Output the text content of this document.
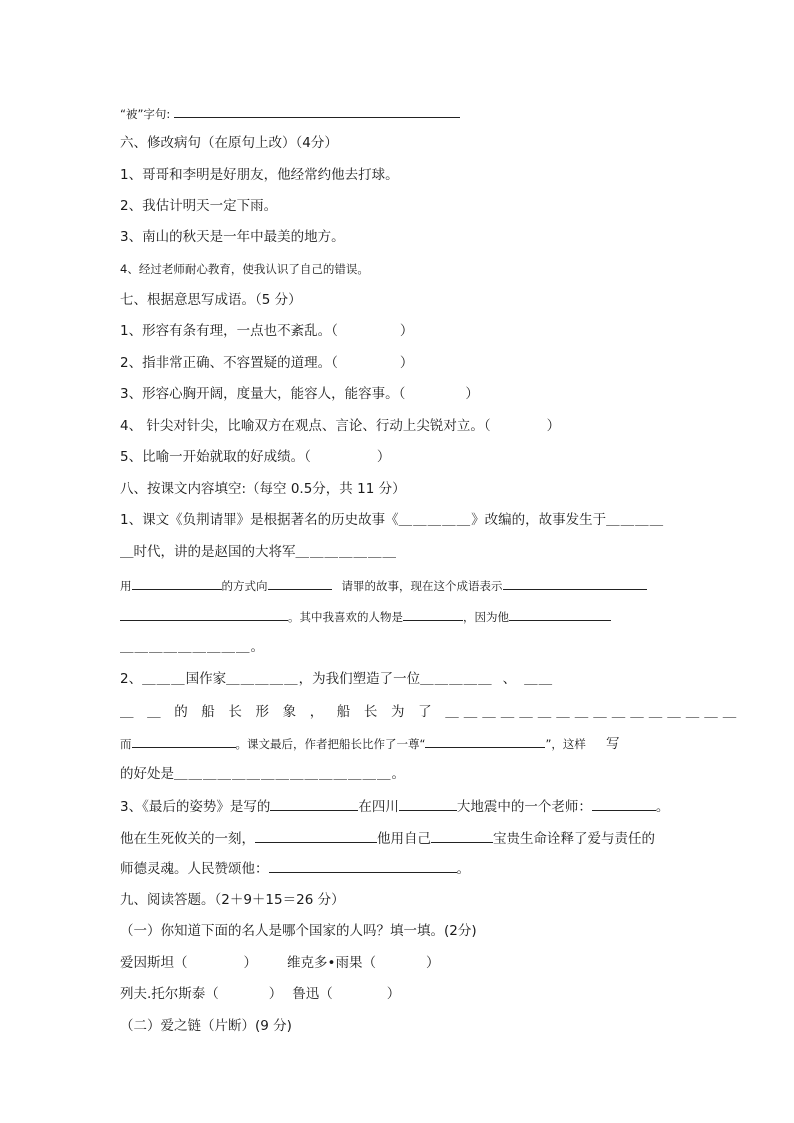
“被”字句:
六、修改病句（在原句上改）（4分）
1、哥哥和李明是好朋友，他经常约他去打球。
2、我估计明天一定下雨。
3、南山的秋天是一年中最美的地方。
4、经过老师耐心教育，使我认识了自己的错误。
七、根据意思写成语。（5 分）
1、形容有条有理，一点也不紊乱。（	）
2、指非常正确、不容置疑的道理。（	）
3、形容心胸开阔，度量大，能容人，能容事。（	）
4、 针尖对针尖，比喻双方在观点、言论、行动上尖锐对立。（	）
5、比喻一开始就取的好成绩。（	）
八、按课文内容填空:（每空 0.5分，共 11 分）
1、课文《负荆请罪》是根据著名的历史故事《＿＿＿＿＿》改编的，故事发生于＿＿＿＿
＿时代，讲的是赵国的大将军＿＿＿＿＿＿＿
用	的方式向	请罪的故事，现在这个成语表示
。其中我喜欢的人物是	，因为他
＿＿＿＿＿＿＿＿＿。
2、＿＿＿国作家＿＿＿＿＿，为我们塑造了一位＿＿＿＿＿ 、 ＿＿
＿＿的船长形象，船长为了＿＿＿＿＿＿＿＿＿＿＿＿＿＿＿＿
而	。课文最后，作者把船长比作了一尊“	”，这样 写
的好处是＿＿＿＿＿＿＿＿＿＿＿＿＿＿＿。
3、《最后的姿势》是写的	在四川	大地震中的一个老师：	。
他在生死攸关的一刻，	他用自己	宝贵生命诠释了爱与责任的
师德灵魂。人民赞颂他：	。
九、阅读答题。（2＋9＋15＝26 分）
（一）你知道下面的名人是哪个国家的人吗？填一填。(2分)
爱因斯坦（	） 维克多•雨果（	）
列夫.托尔斯泰（	） 鲁迅（	）
（二）爱之链（片断）(9 分)
